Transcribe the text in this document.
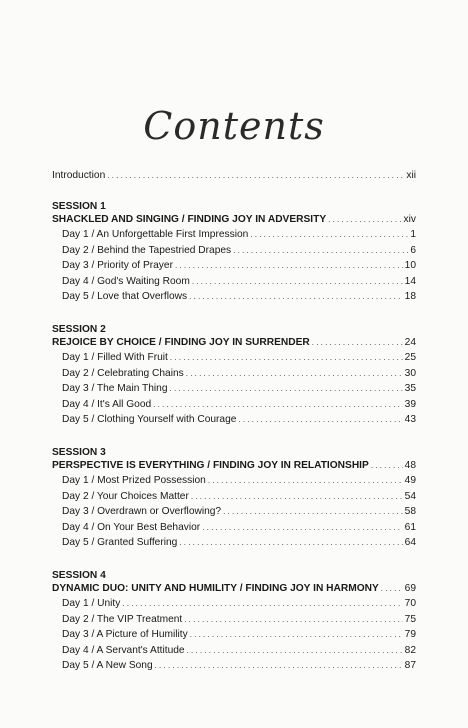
Contents
Introduction . . .	xii
SESSION 1
SHACKLED AND SINGING / FINDING JOY IN ADVERSITY . . .	xiv
Day 1 / An Unforgettable First Impression . . .	1
Day 2 / Behind the Tapestried Drapes . . .	6
Day 3 / Priority of Prayer . . .	10
Day 4 / God's Waiting Room . . .	14
Day 5 / Love that Overflows . . .	18
SESSION 2
REJOICE BY CHOICE / FINDING JOY IN SURRENDER . . .	24
Day 1 / Filled With Fruit . . .	25
Day 2 / Celebrating Chains . . .	30
Day 3 / The Main Thing . . .	35
Day 4 / It's All Good . . .	39
Day 5 / Clothing Yourself with Courage . . .	43
SESSION 3
PERSPECTIVE IS EVERYTHING / FINDING JOY IN RELATIONSHIP . . .	48
Day 1 / Most Prized Possession . . .	49
Day 2 / Your Choices Matter . . .	54
Day 3 / Overdrawn or Overflowing? . . .	58
Day 4 / On Your Best Behavior . . .	61
Day 5 / Granted Suffering . . .	64
SESSION 4
DYNAMIC DUO: UNITY AND HUMILITY / FINDING JOY IN HARMONY . . .	69
Day 1 / Unity . . .	70
Day 2 / The VIP Treatment . . .	75
Day 3 / A Picture of Humility . . .	79
Day 4 / A Servant's Attitude . . .	82
Day 5 / A New Song . . .	87
